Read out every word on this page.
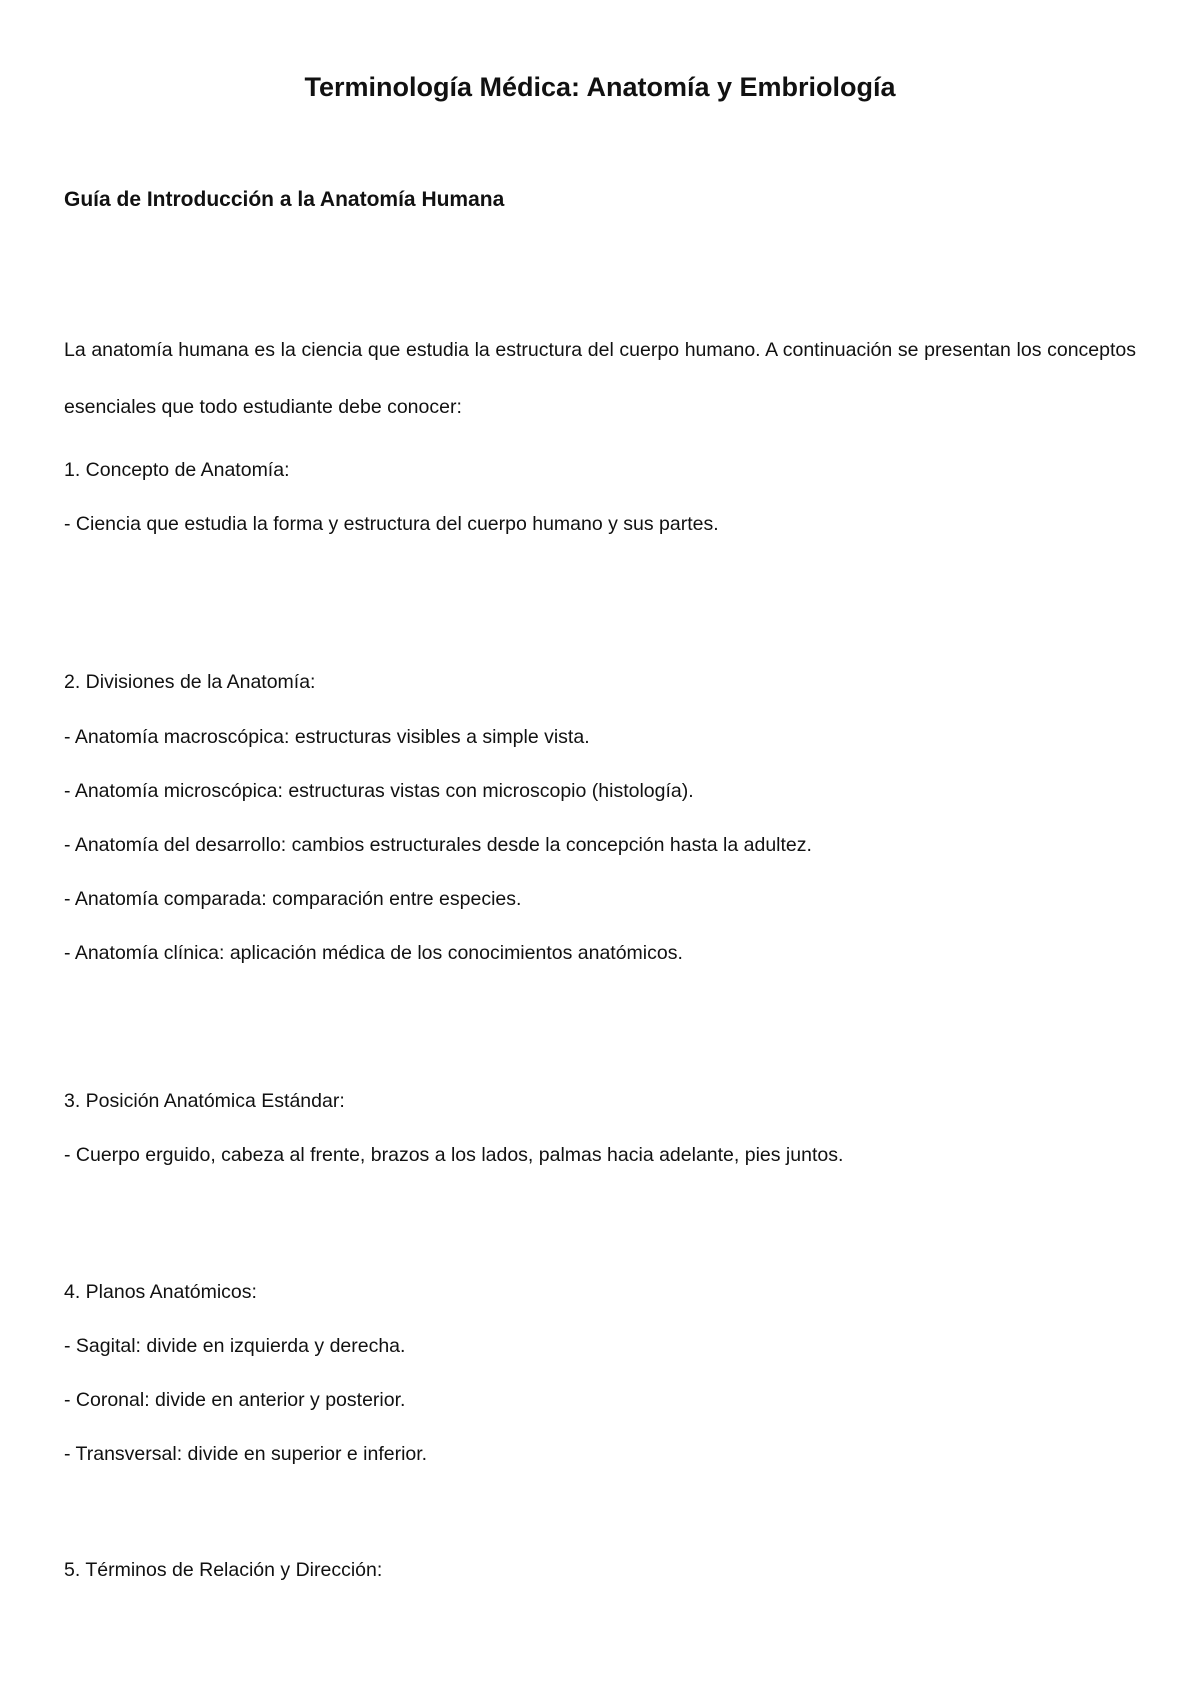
Terminología Médica: Anatomía y Embriología
Guía de Introducción a la Anatomía Humana

La anatomía humana es la ciencia que estudia la estructura del cuerpo humano. A continuación se presentan los conceptos esenciales que todo estudiante debe conocer:

1. Concepto de Anatomía:

- Ciencia que estudia la forma y estructura del cuerpo humano y sus partes.

2. Divisiones de la Anatomía:

- Anatomía macroscópica: estructuras visibles a simple vista.

- Anatomía microscópica: estructuras vistas con microscopio (histología).

- Anatomía del desarrollo: cambios estructurales desde la concepción hasta la adultez.

- Anatomía comparada: comparación entre especies.

- Anatomía clínica: aplicación médica de los conocimientos anatómicos.

3. Posición Anatómica Estándar:

- Cuerpo erguido, cabeza al frente, brazos a los lados, palmas hacia adelante, pies juntos.

4. Planos Anatómicos:

- Sagital: divide en izquierda y derecha.

- Coronal: divide en anterior y posterior.

- Transversal: divide en superior e inferior.

5. Términos de Relación y Dirección:
